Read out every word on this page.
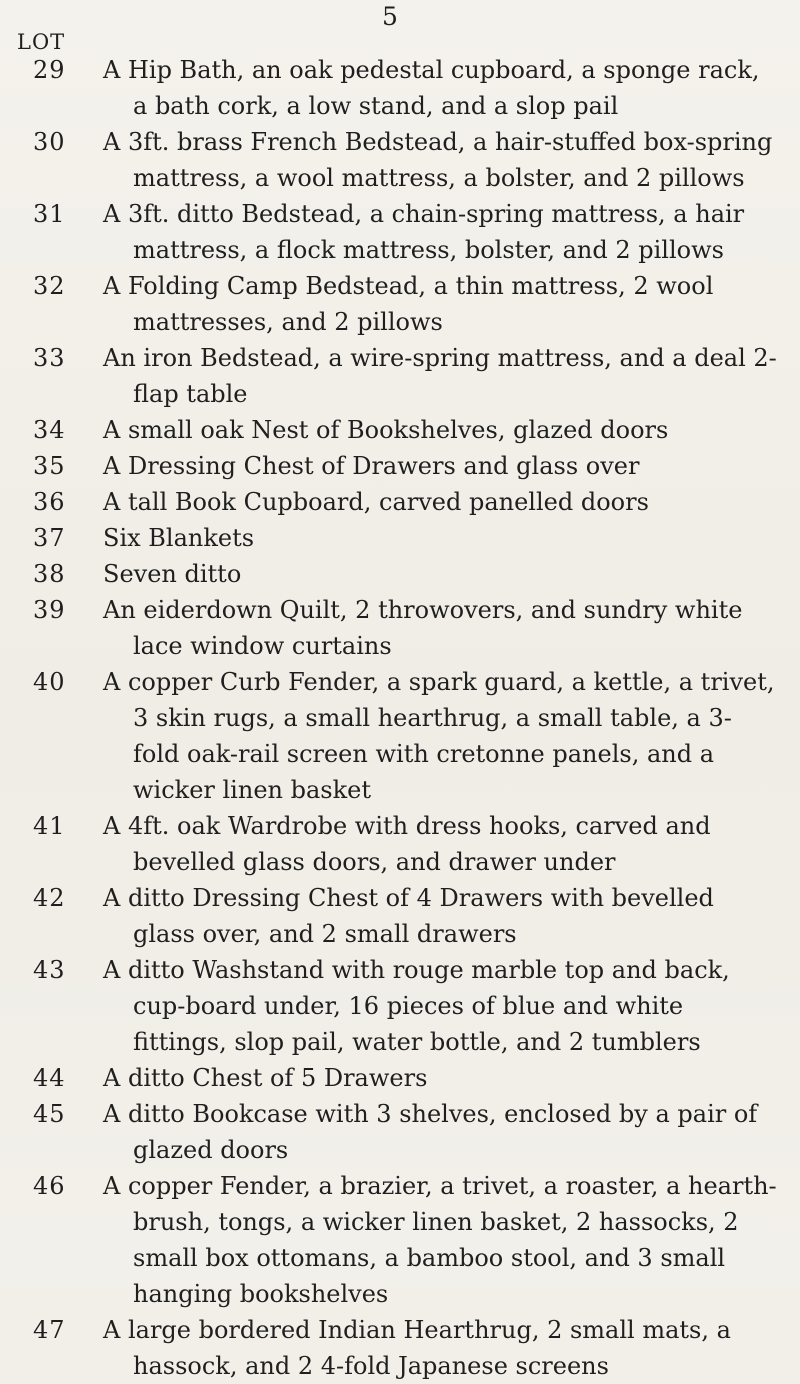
5
LOT
29 A Hip Bath, an oak pedestal cupboard, a sponge rack, a bath cork, a low stand, and a slop pail
30 A 3ft. brass French Bedstead, a hair-stuffed box-spring mattress, a wool mattress, a bolster, and 2 pillows
31 A 3ft. ditto Bedstead, a chain-spring mattress, a hair mattress, a flock mattress, bolster, and 2 pillows
32 A Folding Camp Bedstead, a thin mattress, 2 wool mattresses, and 2 pillows
33 An iron Bedstead, a wire-spring mattress, and a deal 2-flap table
34 A small oak Nest of Bookshelves, glazed doors
35 A Dressing Chest of Drawers and glass over
36 A tall Book Cupboard, carved panelled doors
37 Six Blankets
38 Seven ditto
39 An eiderdown Quilt, 2 throwovers, and sundry white lace window curtains
40 A copper Curb Fender, a spark guard, a kettle, a trivet, 3 skin rugs, a small hearthrug, a small table, a 3-fold oak-rail screen with cretonne panels, and a wicker linen basket
41 A 4ft. oak Wardrobe with dress hooks, carved and bevelled glass doors, and drawer under
42 A ditto Dressing Chest of 4 Drawers with bevelled glass over, and 2 small drawers
43 A ditto Washstand with rouge marble top and back, cup-board under, 16 pieces of blue and white fittings, slop pail, water bottle, and 2 tumblers
44 A ditto Chest of 5 Drawers
45 A ditto Bookcase with 3 shelves, enclosed by a pair of glazed doors
46 A copper Fender, a brazier, a trivet, a roaster, a hearth-brush, tongs, a wicker linen basket, 2 hassocks, 2 small box ottomans, a bamboo stool, and 3 small hanging bookshelves
47 A large bordered Indian Hearthrug, 2 small mats, a hassock, and 2 4-fold Japanese screens
